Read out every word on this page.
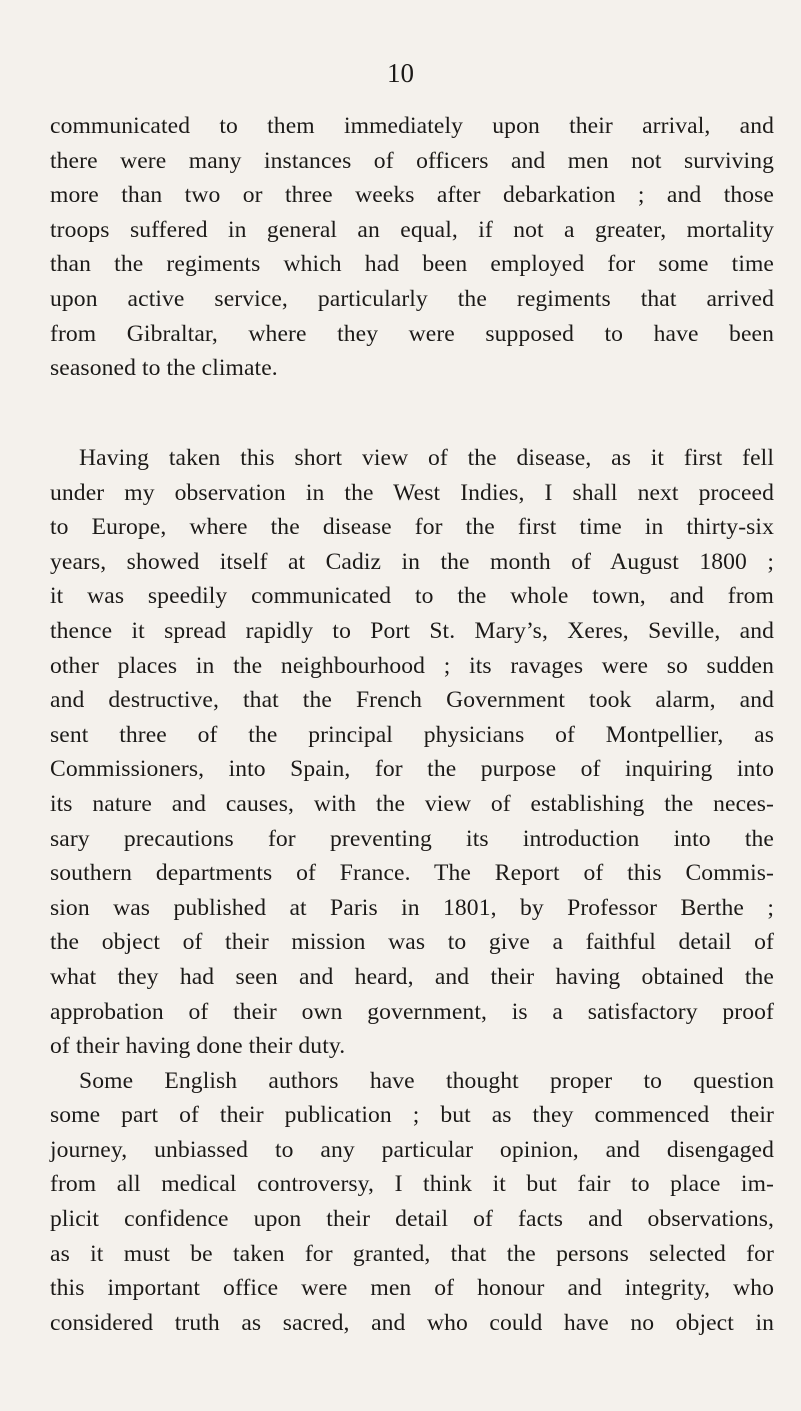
10
communicated to them immediately upon their arrival, and
there were many instances of officers and men not surviving
more than two or three weeks after debarkation ; and those
troops suffered in general an equal, if not a greater, mortality
than the regiments which had been employed for some time
upon active service, particularly the regiments that arrived
from Gibraltar, where they were supposed to have been
seasoned to the climate.
Having taken this short view of the disease, as it first fell
under my observation in the West Indies, I shall next proceed
to Europe, where the disease for the first time in thirty-six
years, showed itself at Cadiz in the month of August 1800 ;
it was speedily communicated to the whole town, and from
thence it spread rapidly to Port St. Mary’s, Xeres, Seville, and
other places in the neighbourhood ; its ravages were so sudden
and destructive, that the French Government took alarm, and
sent three of the principal physicians of Montpellier, as
Commissioners, into Spain, for the purpose of inquiring into
its nature and causes, with the view of establishing the neces-
sary precautions for preventing its introduction into the
southern departments of France. The Report of this Commis-
sion was published at Paris in 1801, by Professor Berthe ;
the object of their mission was to give a faithful detail of
what they had seen and heard, and their having obtained the
approbation of their own government, is a satisfactory proof
of their having done their duty.
Some English authors have thought proper to question
some part of their publication ; but as they commenced their
journey, unbiassed to any particular opinion, and disengaged
from all medical controversy, I think it but fair to place im-
plicit confidence upon their detail of facts and observations,
as it must be taken for granted, that the persons selected for
this important office were men of honour and integrity, who
considered truth as sacred, and who could have no object in
